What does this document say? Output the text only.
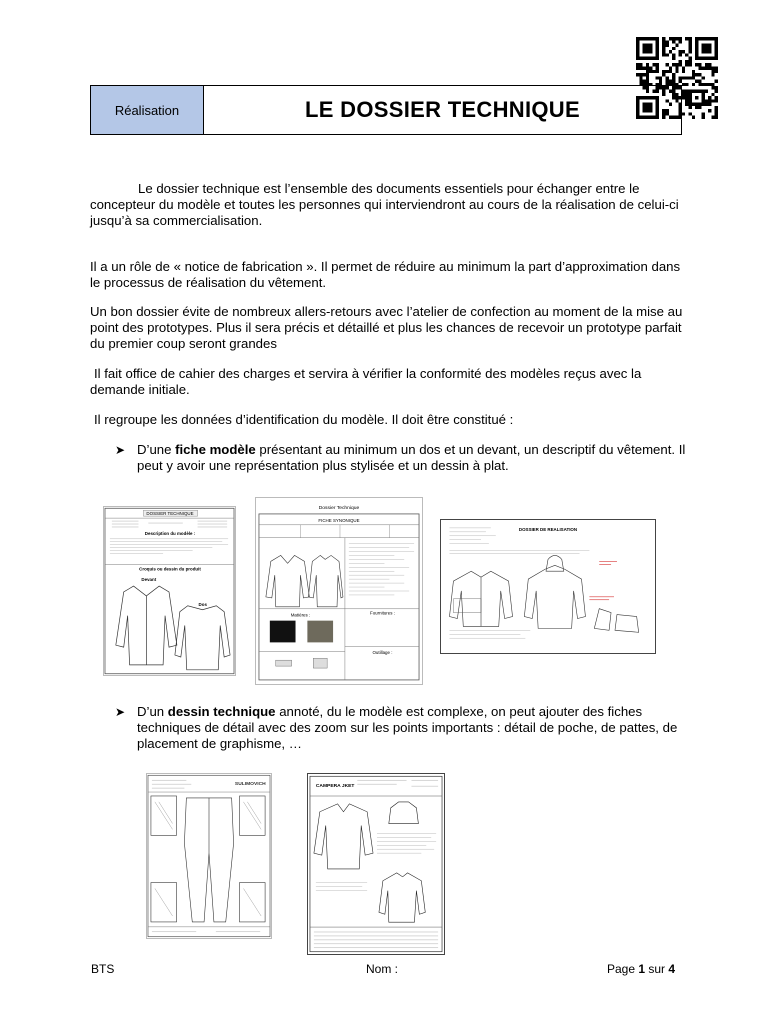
Réalisation	LE DOSSIER TECHNIQUE

Le dossier technique est l’ensemble des documents essentiels pour échanger entre le concepteur du modèle et toutes les personnes qui interviendront au cours de la réalisation de celui-ci jusqu’à sa commercialisation.

Il a un rôle de « notice de fabrication ». Il permet de réduire au minimum la part d’approximation dans le processus de réalisation du vêtement.

Un bon dossier évite de nombreux allers-retours avec l’atelier de confection au moment de la mise au point des prototypes. Plus il sera précis et détaillé et plus les chances de recevoir un prototype parfait du premier coup seront grandes

Il fait office de cahier des charges et servira à vérifier la conformité des modèles reçus avec la demande initiale.

Il regroupe les données d’identification du modèle. Il doit être constitué :

➤ D’une fiche modèle présentant au minimum un dos et un devant, un descriptif du vêtement. Il peut y avoir une représentation plus stylisée et un dessin à plat.
DOSSIER TECHNIQUE
Description du modèle :
Croquis ou dessin du produit
Devant
Dos
Dossier Technique
FICHE SYNONIQUE
Matières :	Fournitures :
Outillage :
DOSSIER DE REALISATION
➤ D’un dessin technique annoté, du le modèle est complexe, on peut ajouter des fiches techniques de détail avec des zoom sur les points importants : détail de poche, de pattes, de placement de graphisme, …
SULIMOVICH	CAMPERA JKET
BTS	Nom :	Page 1 sur 4
